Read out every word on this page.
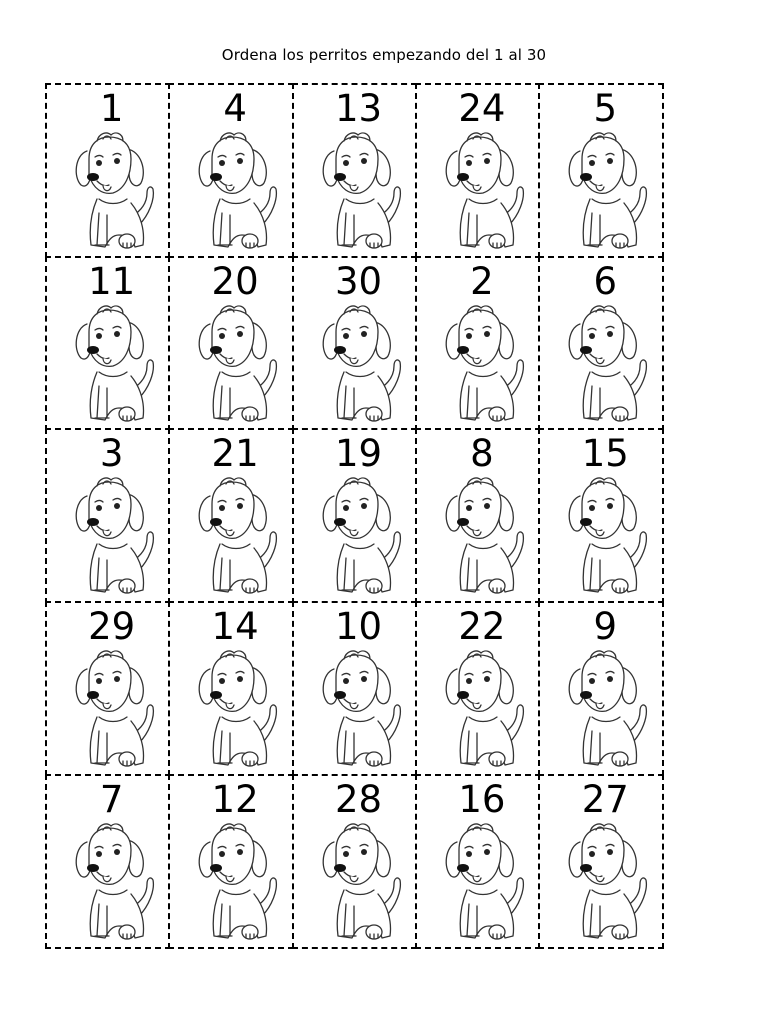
Ordena los perritos empezando del 1 al 30
1	4	13	24	5
11	20	30	2	6
3	21	19	8	15
29	14	10	22	9
7	12	28	16	27
